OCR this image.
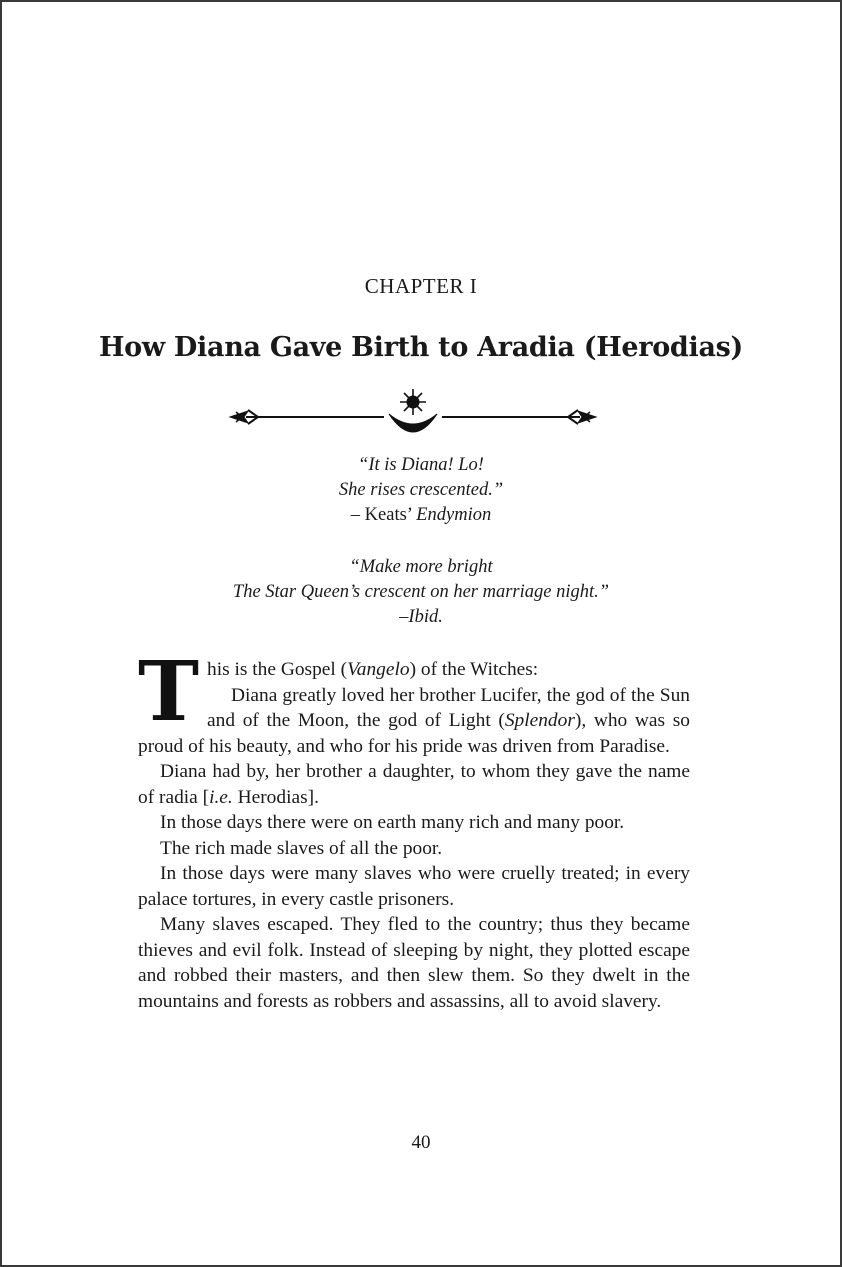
CHAPTER I
How Diana Gave Birth to Aradia (Herodias)
“It is Diana! Lo!
She rises crescented.”
– Keats’ Endymion
“Make more bright
The Star Queen’s crescent on her marriage night.”
–Ibid.

This is the Gospel (Vangelo) of the Witches:
Diana greatly loved her brother Lucifer, the god of the Sun and of the Moon, the god of Light (Splendor), who was so proud of his beauty, and who for his pride was driven from Paradise.

Diana had by, her brother a daughter, to whom they gave the name of radia [i.e. Herodias].

In those days there were on earth many rich and many poor.

The rich made slaves of all the poor.

In those days were many slaves who were cruelly treated; in every palace tortures, in every castle prisoners.

Many slaves escaped. They fled to the country; thus they became thieves and evil folk. Instead of sleeping by night, they plotted escape and robbed their masters, and then slew them. So they dwelt in the mountains and forests as robbers and assassins, all to avoid slavery.

40
